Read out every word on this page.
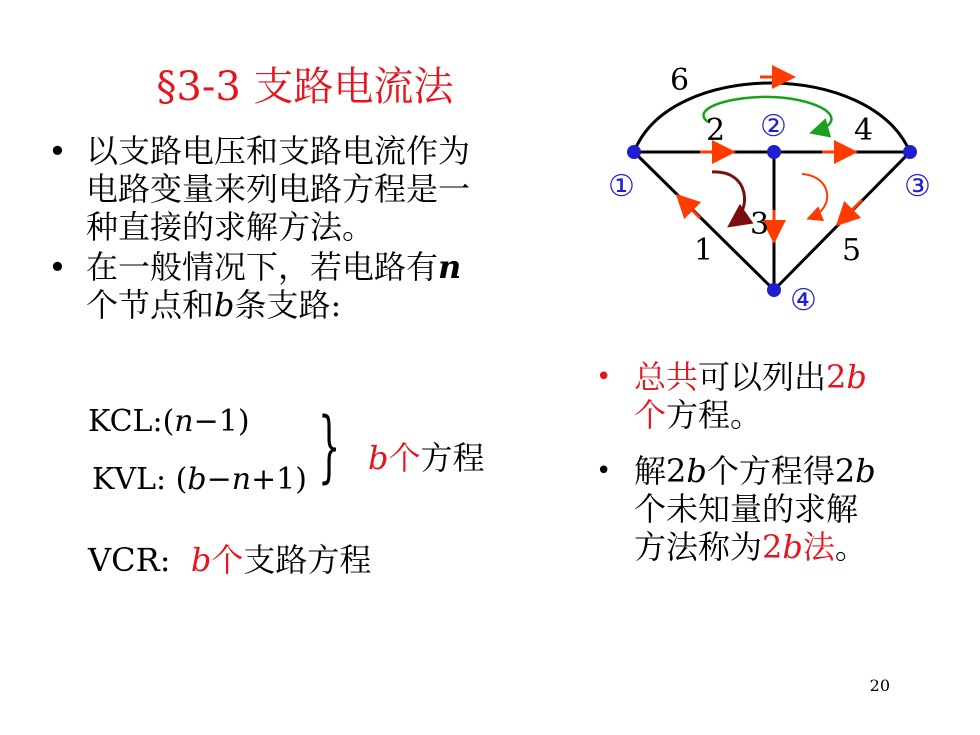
§3-3 支路电流法
• 以支路电压和支路电流作为
电路变量来列电路方程是一
种直接的求解方法。
• 在一般情况下，若电路有n
个节点和b条支路:
KCL:(n−1)
KVL: (b−n+1) } b个方程
VCR: b个支路方程
• 总共可以列出2b
个方程。
• 解2b个方程得2b
个未知量的求解
方法称为2b法。
6
2	4
3
1	5
①
②
③
④
20
